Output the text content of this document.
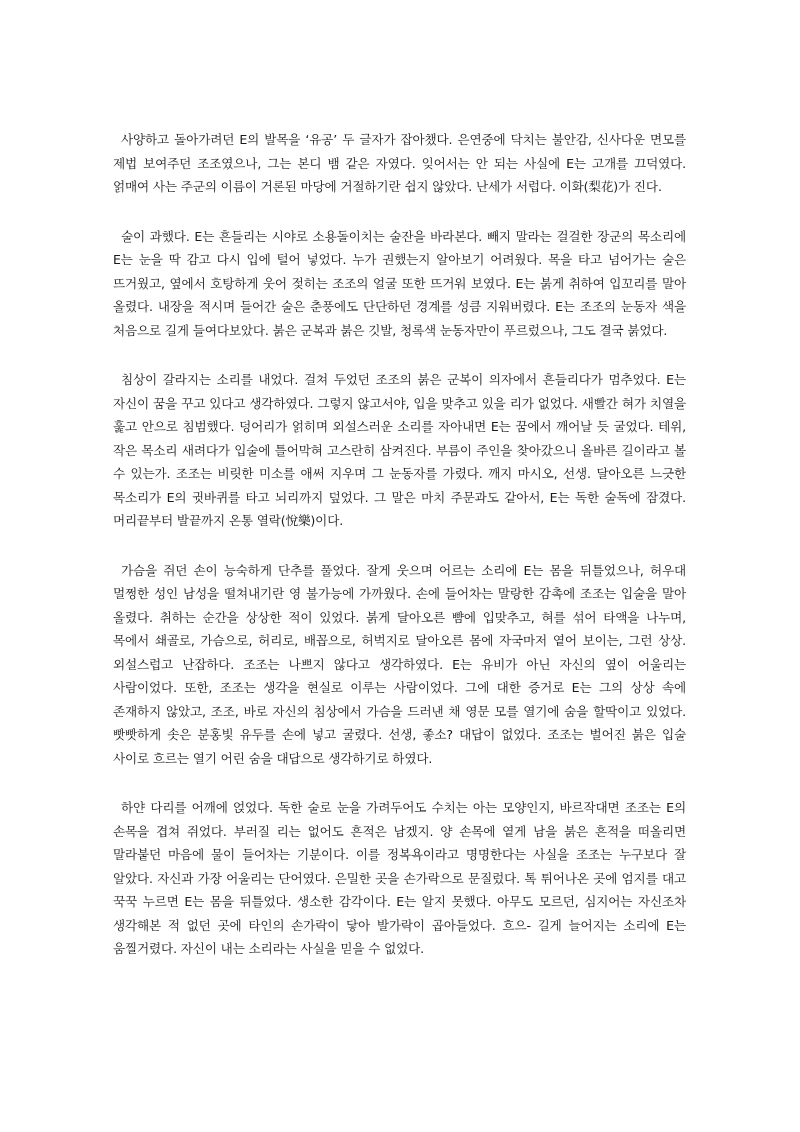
사양하고 돌아가려던 E의 발목을 ‘유공’ 두 글자가 잡아챘다. 은연중에 닥치는 불안감, 신사다운 면모를 제법 보여주던 조조였으나, 그는 본디 뱀 같은 자였다. 잊어서는 안 되는 사실에 E는 고개를 끄덕였다. 얽매여 사는 주군의 이름이 거론된 마당에 거절하기란 쉽지 않았다. 난세가 서럽다. 이화(梨花)가 진다.

술이 과했다. E는 흔들리는 시야로 소용돌이치는 술잔을 바라본다. 빼지 말라는 걸걸한 장군의 목소리에 E는 눈을 딱 감고 다시 입에 털어 넣었다. 누가 권했는지 알아보기 어려웠다. 목을 타고 넘어가는 술은 뜨거웠고, 옆에서 호탕하게 웃어 젖히는 조조의 얼굴 또한 뜨거워 보였다. E는 붉게 취하여 입꼬리를 말아 올렸다. 내장을 적시며 들어간 술은 춘풍에도 단단하던 경계를 성큼 지워버렸다. E는 조조의 눈동자 색을 처음으로 길게 들여다보았다. 붉은 군복과 붉은 깃발, 청록색 눈동자만이 푸르렀으나, 그도 결국 붉었다.

침상이 갈라지는 소리를 내었다. 걸쳐 두었던 조조의 붉은 군복이 의자에서 흔들리다가 멈추었다. E는 자신이 꿈을 꾸고 있다고 생각하였다. 그렇지 않고서야, 입을 맞추고 있을 리가 없었다. 새빨간 혀가 치열을 훑고 안으로 침범했다. 덩어리가 얽히며 외설스러운 소리를 자아내면 E는 꿈에서 깨어날 듯 굴었다. 테위, 작은 목소리 새려다가 입술에 틀어막혀 고스란히 삼켜진다. 부름이 주인을 찾아갔으니 올바른 길이라고 볼 수 있는가. 조조는 비릿한 미소를 애써 지우며 그 눈동자를 가렸다. 깨지 마시오, 선생. 달아오른 느긋한 목소리가 E의 귓바퀴를 타고 뇌리까지 덮었다. 그 말은 마치 주문과도 같아서, E는 독한 술독에 잠겼다. 머리끝부터 발끝까지 온통 열락(悅樂)이다.

가슴을 쥐던 손이 능숙하게 단추를 풀었다. 잘게 웃으며 어르는 소리에 E는 몸을 뒤틀었으나, 허우대 멀쩡한 성인 남성을 떨쳐내기란 영 불가능에 가까웠다. 손에 들어차는 말랑한 감촉에 조조는 입술을 말아 올렸다. 취하는 순간을 상상한 적이 있었다. 붉게 달아오른 뺨에 입맞추고, 혀를 섞어 타액을 나누며, 목에서 쇄골로, 가슴으로, 허리로, 배꼽으로, 허벅지로 달아오른 몸에 자국마저 옅어 보이는, 그런 상상. 외설스럽고 난잡하다. 조조는 나쁘지 않다고 생각하였다. E는 유비가 아닌 자신의 옆이 어울리는 사람이었다. 또한, 조조는 생각을 현실로 이루는 사람이었다. 그에 대한 증거로 E는 그의 상상 속에 존재하지 않았고, 조조, 바로 자신의 침상에서 가슴을 드러낸 채 영문 모를 열기에 숨을 할딱이고 있었다. 빳빳하게 솟은 분홍빛 유두를 손에 넣고 굴렸다. 선생, 좋소? 대답이 없었다. 조조는 벌어진 붉은 입술 사이로 흐르는 열기 어린 숨을 대답으로 생각하기로 하였다.

하얀 다리를 어깨에 얹었다. 독한 술로 눈을 가려두어도 수치는 아는 모양인지, 바르작대면 조조는 E의 손목을 겹쳐 쥐었다. 부러질 리는 없어도 흔적은 남겠지. 양 손목에 옅게 남을 붉은 흔적을 떠올리면 말라붙던 마음에 물이 들어차는 기분이다. 이를 정복욕이라고 명명한다는 사실을 조조는 누구보다 잘 알았다. 자신과 가장 어울리는 단어였다. 은밀한 곳을 손가락으로 문질렀다. 톡 튀어나온 곳에 엄지를 대고 꾹꾹 누르면 E는 몸을 뒤틀었다. 생소한 감각이다. E는 알지 못했다. 아무도 모르던, 심지어는 자신조차 생각해본 적 없던 곳에 타인의 손가락이 닿아 발가락이 곱아들었다. 흐으- 길게 늘어지는 소리에 E는 움찔거렸다. 자신이 내는 소리라는 사실을 믿을 수 없었다.
